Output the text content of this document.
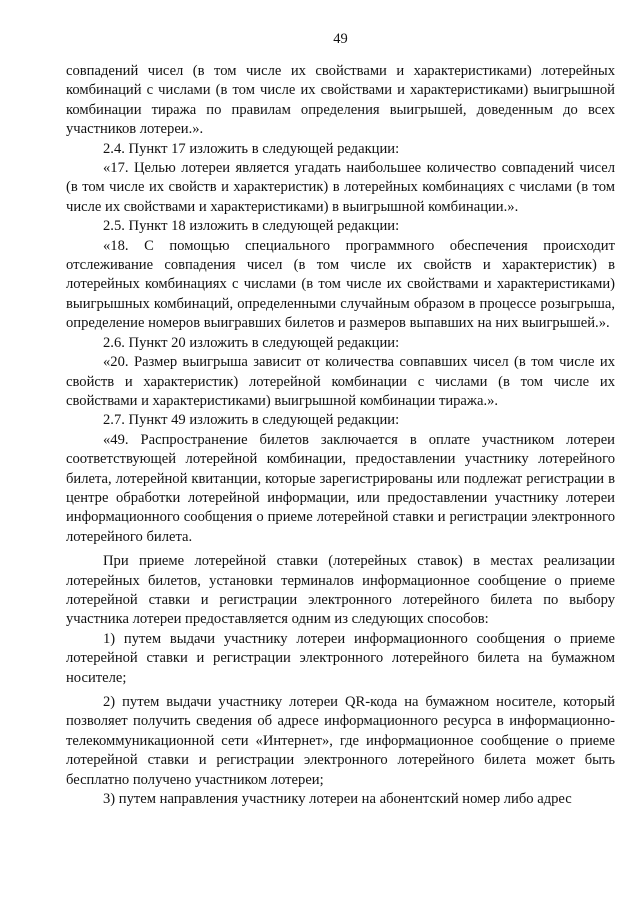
49

совпадений чисел (в том числе их свойствами и характеристиками) лотерейных комбинаций с числами (в том числе их свойствами и характеристиками) выигрышной комбинации тиража по правилам определения выигрышей, доведенным до всех участников лотереи.».

2.4. Пункт 17 изложить в следующей редакции:

«17. Целью лотереи является угадать наибольшее количество совпадений чисел (в том числе их свойств и характеристик) в лотерейных комбинациях с числами (в том числе их свойствами и характеристиками) в выигрышной комбинации.».

2.5. Пункт 18 изложить в следующей редакции:

«18. С помощью специального программного обеспечения происходит отслеживание совпадения чисел (в том числе их свойств и характеристик) в лотерейных комбинациях с числами (в том числе их свойствами и характеристиками) выигрышных комбинаций, определенными случайным образом в процессе розыгрыша, определение номеров выигравших билетов и размеров выпавших на них выигрышей.».

2.6. Пункт 20 изложить в следующей редакции:

«20. Размер выигрыша зависит от количества совпавших чисел (в том числе их свойств и характеристик) лотерейной комбинации с числами (в том числе их свойствами и характеристиками) выигрышной комбинации тиража.».

2.7. Пункт 49 изложить в следующей редакции:

«49. Распространение билетов заключается в оплате участником лотереи соответствующей лотерейной комбинации, предоставлении участнику лотерейного билета, лотерейной квитанции, которые зарегистрированы или подлежат регистрации в центре обработки лотерейной информации, или предоставлении участнику лотереи информационного сообщения о приеме лотерейной ставки и регистрации электронного лотерейного билета.

При приеме лотерейной ставки (лотерейных ставок) в местах реализации лотерейных билетов, установки терминалов информационное сообщение о приеме лотерейной ставки и регистрации электронного лотерейного билета по выбору участника лотереи предоставляется одним из следующих способов:

1) путем выдачи участнику лотереи информационного сообщения о приеме лотерейной ставки и регистрации электронного лотерейного билета на бумажном носителе;

2) путем выдачи участнику лотереи QR-кода на бумажном носителе, который позволяет получить сведения об адресе информационного ресурса в информационно-телекоммуникационной сети «Интернет», где информационное сообщение о приеме лотерейной ставки и регистрации электронного лотерейного билета может быть бесплатно получено участником лотереи;

3) путем направления участнику лотереи на абонентский номер либо адрес
